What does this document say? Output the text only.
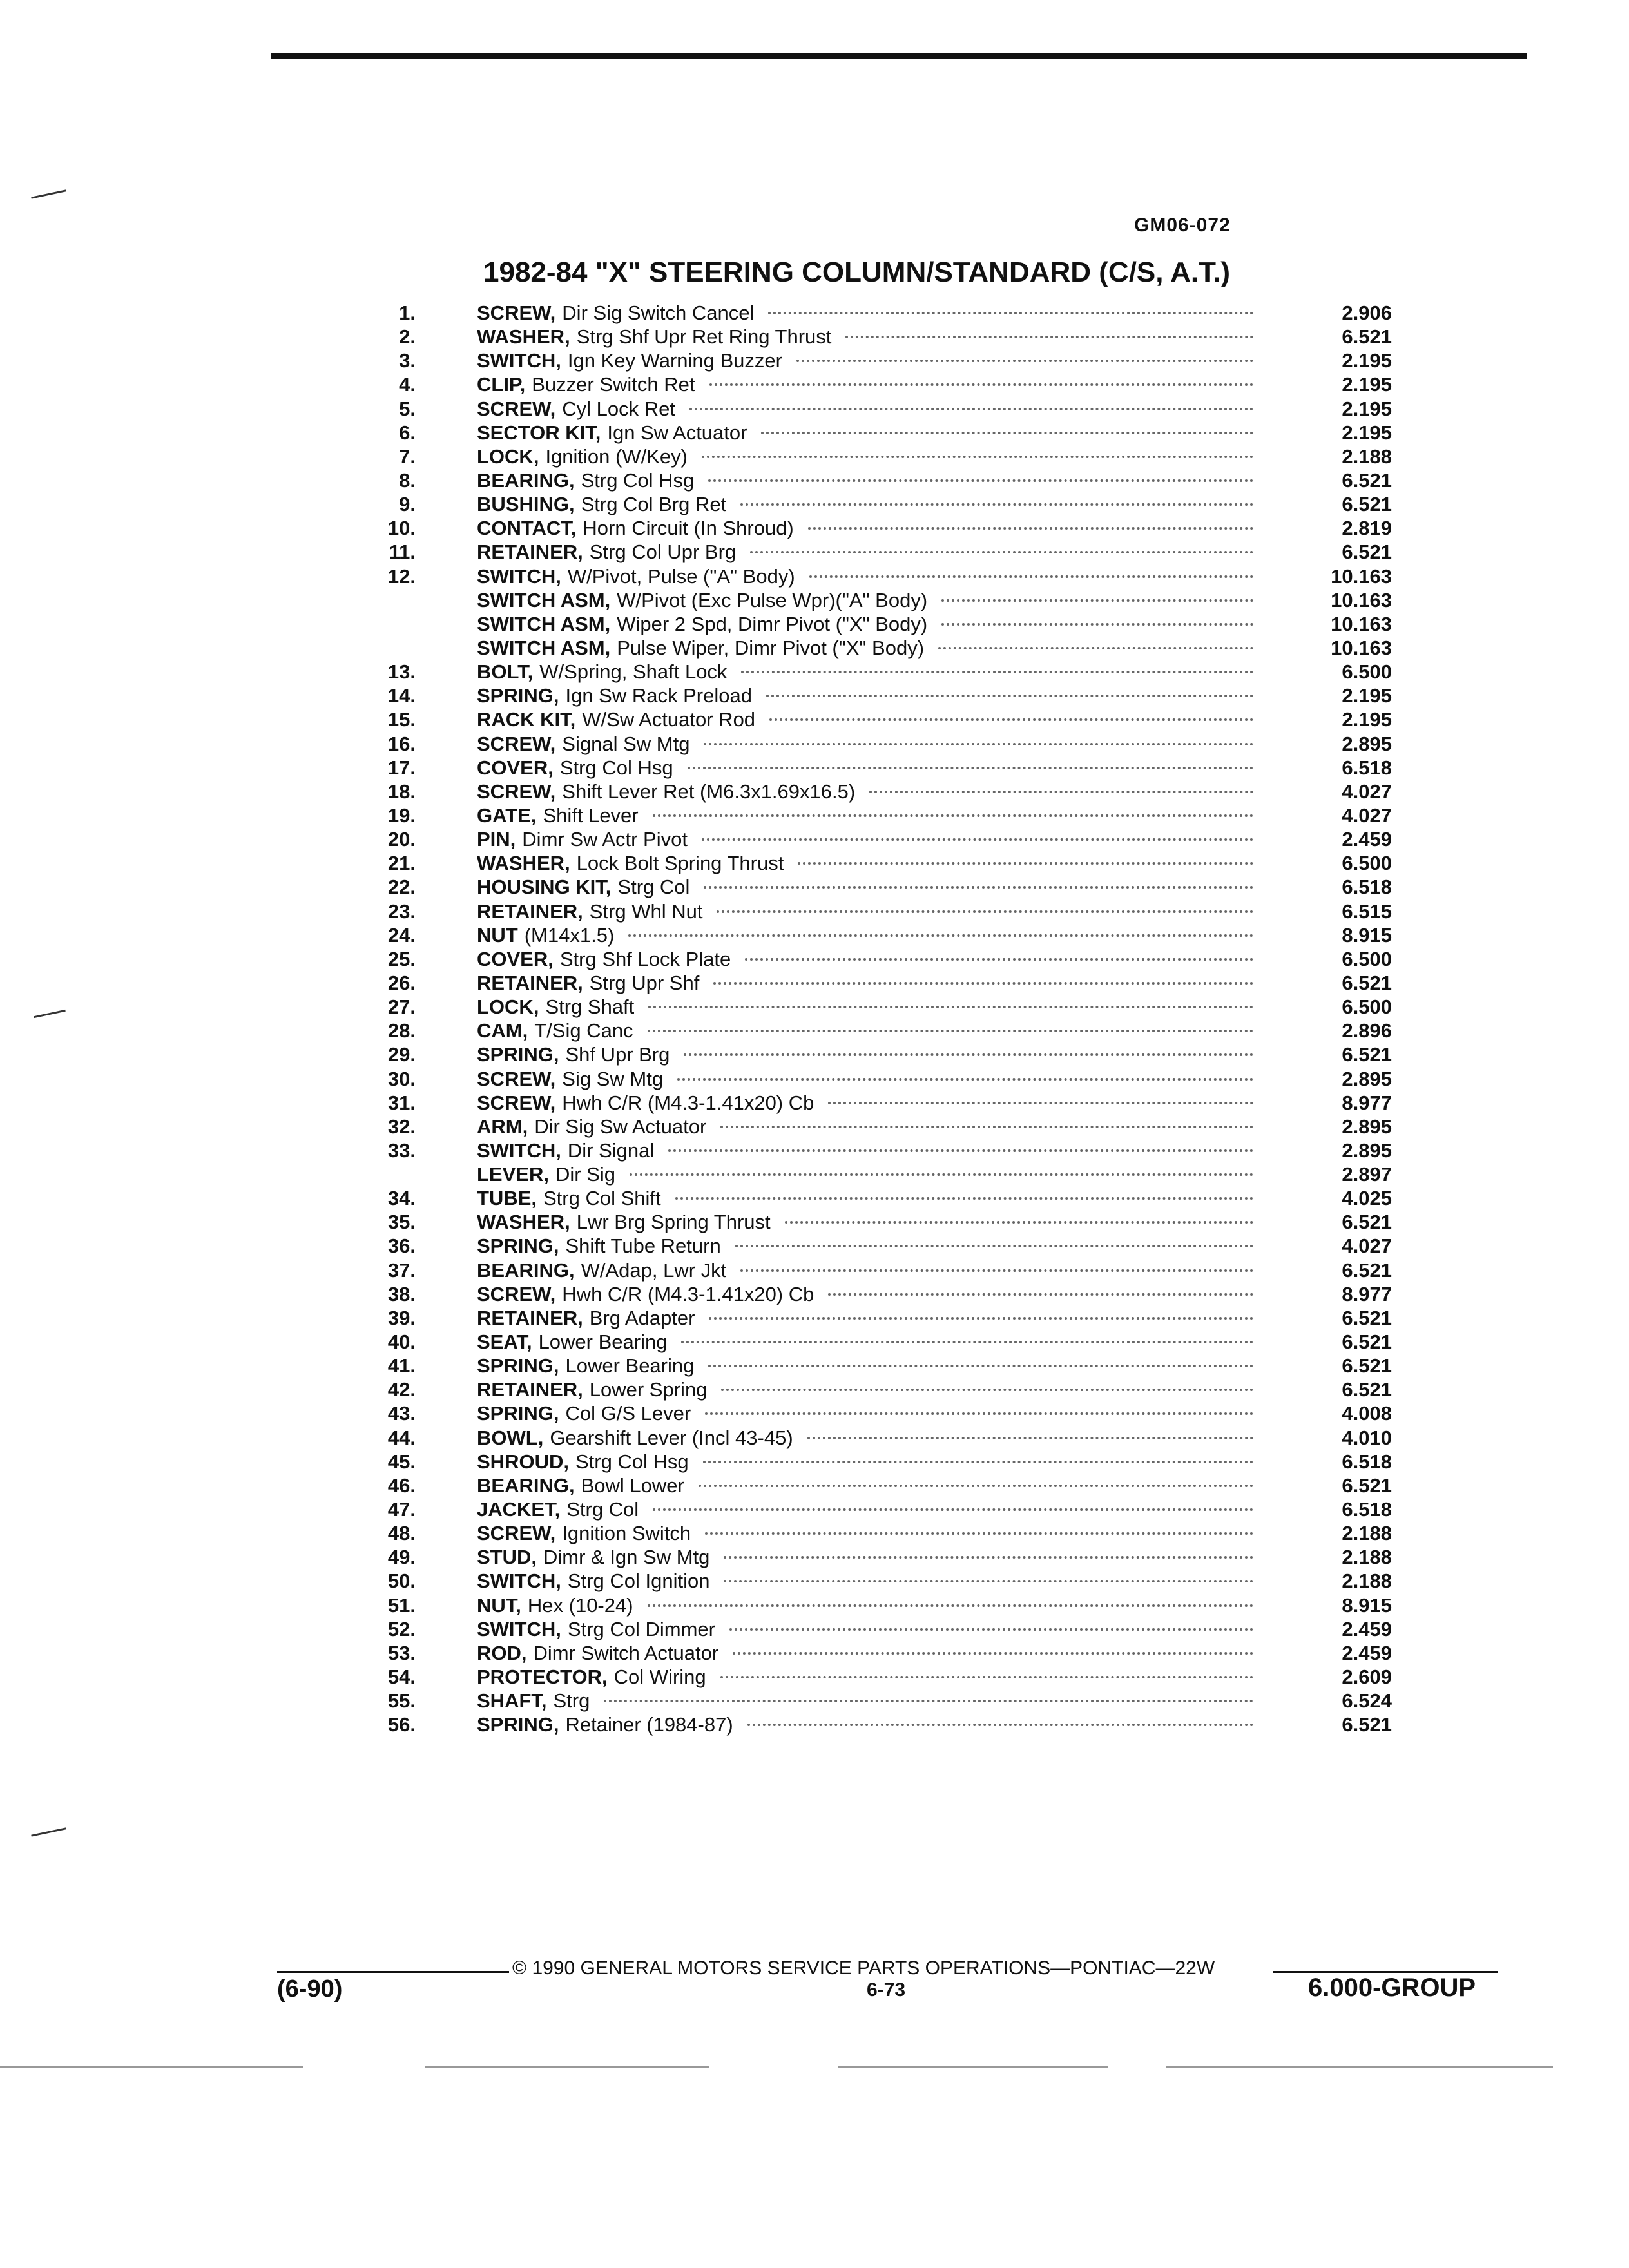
GM06-072
1982-84 "X" STEERING COLUMN/STANDARD (C/S, A.T.)
1.	SCREW, Dir Sig Switch Cancel	2.906
2.	WASHER, Strg Shf Upr Ret Ring Thrust	6.521
3.	SWITCH, Ign Key Warning Buzzer	2.195
4.	CLIP, Buzzer Switch Ret	2.195
5.	SCREW, Cyl Lock Ret	2.195
6.	SECTOR KIT, Ign Sw Actuator	2.195
7.	LOCK, Ignition (W/Key)	2.188
8.	BEARING, Strg Col Hsg	6.521
9.	BUSHING, Strg Col Brg Ret	6.521
10.	CONTACT, Horn Circuit (In Shroud)	2.819
11.	RETAINER, Strg Col Upr Brg	6.521
12.	SWITCH, W/Pivot, Pulse ("A" Body)	10.163
SWITCH ASM, W/Pivot (Exc Pulse Wpr)("A" Body)	10.163
SWITCH ASM, Wiper 2 Spd, Dimr Pivot ("X" Body)	10.163
SWITCH ASM, Pulse Wiper, Dimr Pivot ("X" Body)	10.163
13.	BOLT, W/Spring, Shaft Lock	6.500
14.	SPRING, Ign Sw Rack Preload	2.195
15.	RACK KIT, W/Sw Actuator Rod	2.195
16.	SCREW, Signal Sw Mtg	2.895
17.	COVER, Strg Col Hsg	6.518
18.	SCREW, Shift Lever Ret (M6.3x1.69x16.5)	4.027
19.	GATE, Shift Lever	4.027
20.	PIN, Dimr Sw Actr Pivot	2.459
21.	WASHER, Lock Bolt Spring Thrust	6.500
22.	HOUSING KIT, Strg Col	6.518
23.	RETAINER, Strg Whl Nut	6.515
24.	NUT (M14x1.5)	8.915
25.	COVER, Strg Shf Lock Plate	6.500
26.	RETAINER, Strg Upr Shf	6.521
27.	LOCK, Strg Shaft	6.500
28.	CAM, T/Sig Canc	2.896
29.	SPRING, Shf Upr Brg	6.521
30.	SCREW, Sig Sw Mtg	2.895
31.	SCREW, Hwh C/R (M4.3-1.41x20) Cb	8.977
32.	ARM, Dir Sig Sw Actuator	2.895
33.	SWITCH, Dir Signal	2.895
LEVER, Dir Sig	2.897
34.	TUBE, Strg Col Shift	4.025
35.	WASHER, Lwr Brg Spring Thrust	6.521
36.	SPRING, Shift Tube Return	4.027
37.	BEARING, W/Adap, Lwr Jkt	6.521
38.	SCREW, Hwh C/R (M4.3-1.41x20) Cb	8.977
39.	RETAINER, Brg Adapter	6.521
40.	SEAT, Lower Bearing	6.521
41.	SPRING, Lower Bearing	6.521
42.	RETAINER, Lower Spring	6.521
43.	SPRING, Col G/S Lever	4.008
44.	BOWL, Gearshift Lever (Incl 43-45)	4.010
45.	SHROUD, Strg Col Hsg	6.518
46.	BEARING, Bowl Lower	6.521
47.	JACKET, Strg Col	6.518
48.	SCREW, Ignition Switch	2.188
49.	STUD, Dimr & Ign Sw Mtg	2.188
50.	SWITCH, Strg Col Ignition	2.188
51.	NUT, Hex (10-24)	8.915
52.	SWITCH, Strg Col Dimmer	2.459
53.	ROD, Dimr Switch Actuator	2.459
54.	PROTECTOR, Col Wiring	2.609
55.	SHAFT, Strg	6.524
56.	SPRING, Retainer (1984-87)	6.521
© 1990 GENERAL MOTORS SERVICE PARTS OPERATIONS—PONTIAC—22W
(6-90)	6-73	6.000-GROUP
